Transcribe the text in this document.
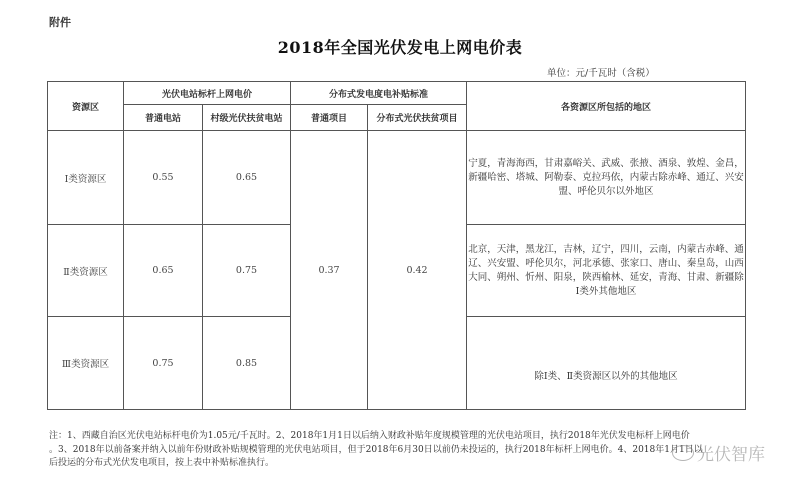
附件
2018年全国光伏发电上网电价表
单位：元/千瓦时（含税）
资源区	光伏电站标杆上网电价		分布式发电度电补贴标准		各资源区所包括的地区
	普通电站	村级光伏扶贫电站	普通项目	分布式光伏扶贫项目	
Ⅰ类资源区	0.55	0.65	0.37	0.42	宁夏，青海海西，甘肃嘉峪关、武威、张掖、酒泉、敦煌、金昌，新疆哈密、塔城、阿勒泰、克拉玛依，内蒙古除赤峰、通辽、兴安盟、呼伦贝尔以外地区
Ⅱ类资源区	0.65	0.75			北京，天津，黑龙江，吉林，辽宁，四川，云南，内蒙古赤峰、通辽、兴安盟、呼伦贝尔，河北承德、张家口、唐山、秦皇岛，山西大同、朔州、忻州、阳泉，陕西榆林、延安，青海、甘肃、新疆除Ⅰ类外其他地区
Ⅲ类资源区	0.75	0.85			除Ⅰ类、Ⅱ类资源区以外的其他地区

注：1、西藏自治区光伏电站标杆电价为1.05元/千瓦时。2、2018年1月1日以后纳入财政补贴年度规模管理的光伏电站项目，执行2018年光伏发电标杆上网电价

。3、2018年以前备案并纳入以前年份财政补贴规模管理的光伏电站项目，但于2018年6月30日以前仍未投运的，执行2018年标杆上网电价。4、2018年1月1日以

后投运的分布式光伏发电项目，按上表中补贴标准执行。	光伏智库
